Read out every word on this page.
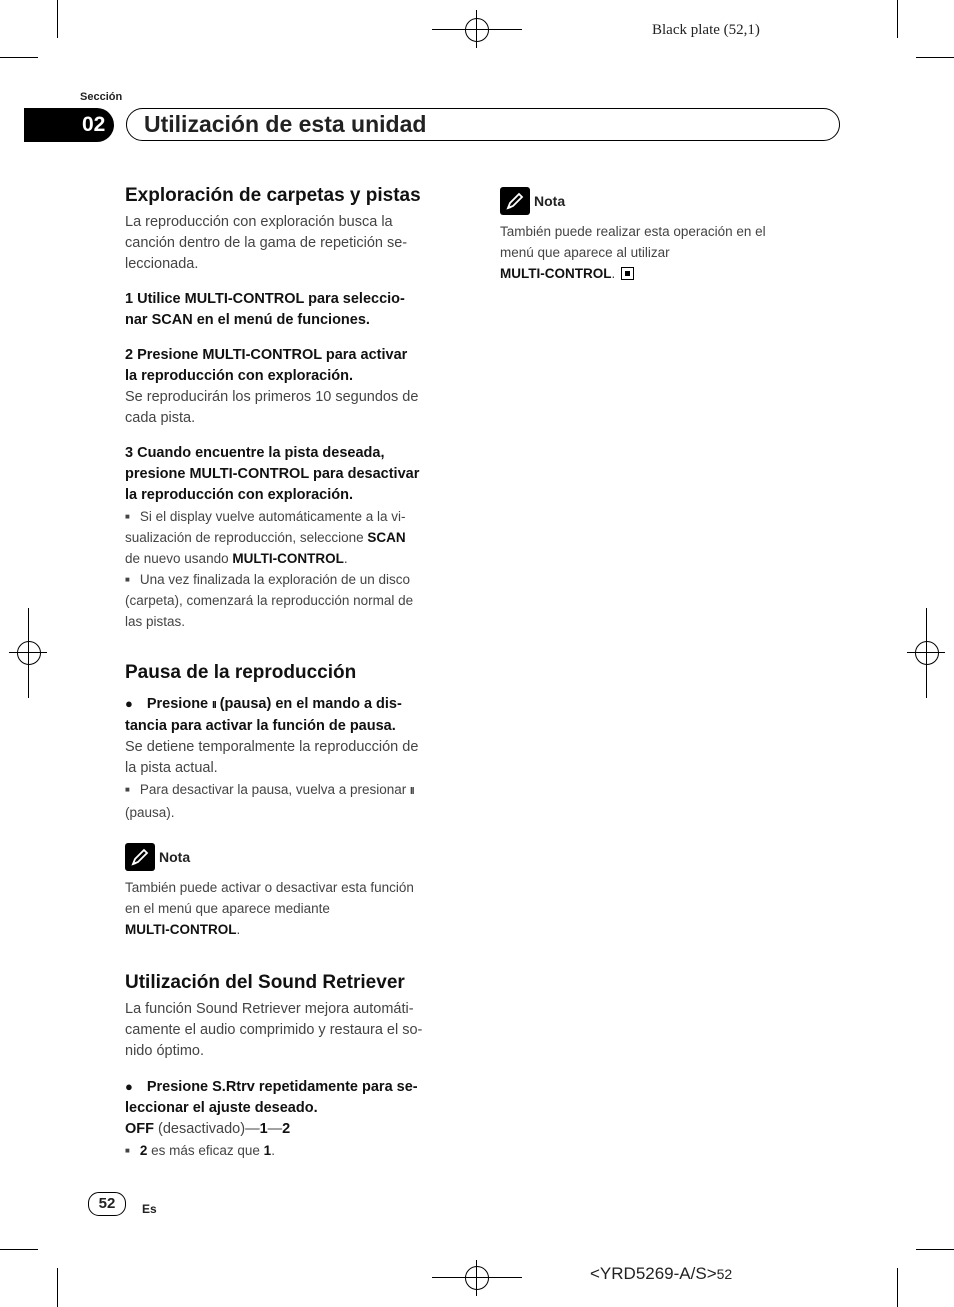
Black plate (52,1)
Sección
02	Utilización de esta unidad
Exploración de carpetas y pistas
La reproducción con exploración busca la
canción dentro de la gama de repetición se-
leccionada.
1 Utilice MULTI-CONTROL para seleccio-
nar SCAN en el menú de funciones.
2 Presione MULTI-CONTROL para activar
la reproducción con exploración.
Se reproducirán los primeros 10 segundos de
cada pista.
3 Cuando encuentre la pista deseada,
presione MULTI-CONTROL para desactivar
la reproducción con exploración.
■ Si el display vuelve automáticamente a la vi-
sualización de reproducción, seleccione SCAN
de nuevo usando MULTI-CONTROL.
■ Una vez finalizada la exploración de un disco
(carpeta), comenzará la reproducción normal de
las pistas.
Pausa de la reproducción
● Presione II (pausa) en el mando a dis-
tancia para activar la función de pausa.
Se detiene temporalmente la reproducción de
la pista actual.
■ Para desactivar la pausa, vuelva a presionar II
(pausa).
Nota
También puede activar o desactivar esta función
en el menú que aparece mediante
MULTI-CONTROL.
Utilización del Sound Retriever
La función Sound Retriever mejora automáti-
camente el audio comprimido y restaura el so-
nido óptimo.
● Presione S.Rtrv repetidamente para se-
leccionar el ajuste deseado.
OFF (desactivado)—1—2
■ 2 es más eficaz que 1.
Nota
También puede realizar esta operación en el
menú que aparece al utilizar
MULTI-CONTROL.
52	Es
<YRD5269-A/S>52
